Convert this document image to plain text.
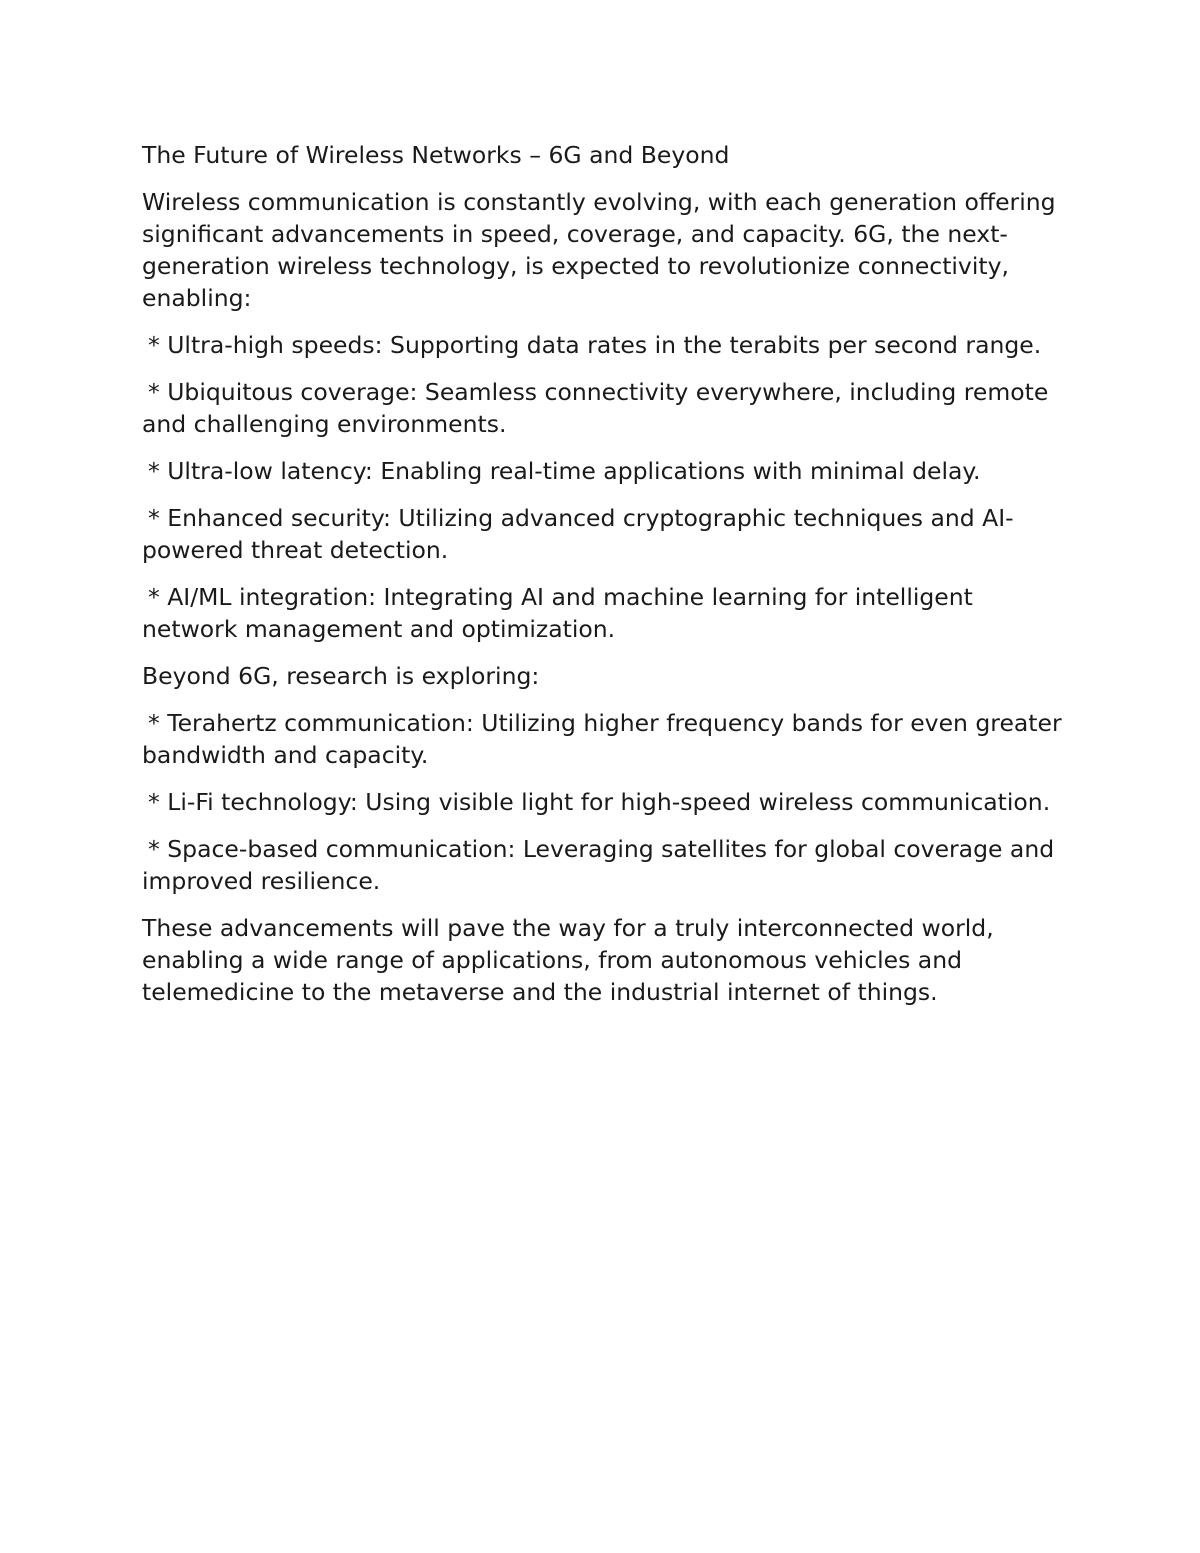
The Future of Wireless Networks – 6G and Beyond

Wireless communication is constantly evolving, with each generation offering significant advancements in speed, coverage, and capacity. 6G, the next-generation wireless technology, is expected to revolutionize connectivity, enabling:

* Ultra-high speeds: Supporting data rates in the terabits per second range.

* Ubiquitous coverage: Seamless connectivity everywhere, including remote and challenging environments.

* Ultra-low latency: Enabling real-time applications with minimal delay.

* Enhanced security: Utilizing advanced cryptographic techniques and AI-powered threat detection.

* AI/ML integration: Integrating AI and machine learning for intelligent network management and optimization.

Beyond 6G, research is exploring:

* Terahertz communication: Utilizing higher frequency bands for even greater bandwidth and capacity.

* Li-Fi technology: Using visible light for high-speed wireless communication.

* Space-based communication: Leveraging satellites for global coverage and improved resilience.

These advancements will pave the way for a truly interconnected world, enabling a wide range of applications, from autonomous vehicles and telemedicine to the metaverse and the industrial internet of things.
